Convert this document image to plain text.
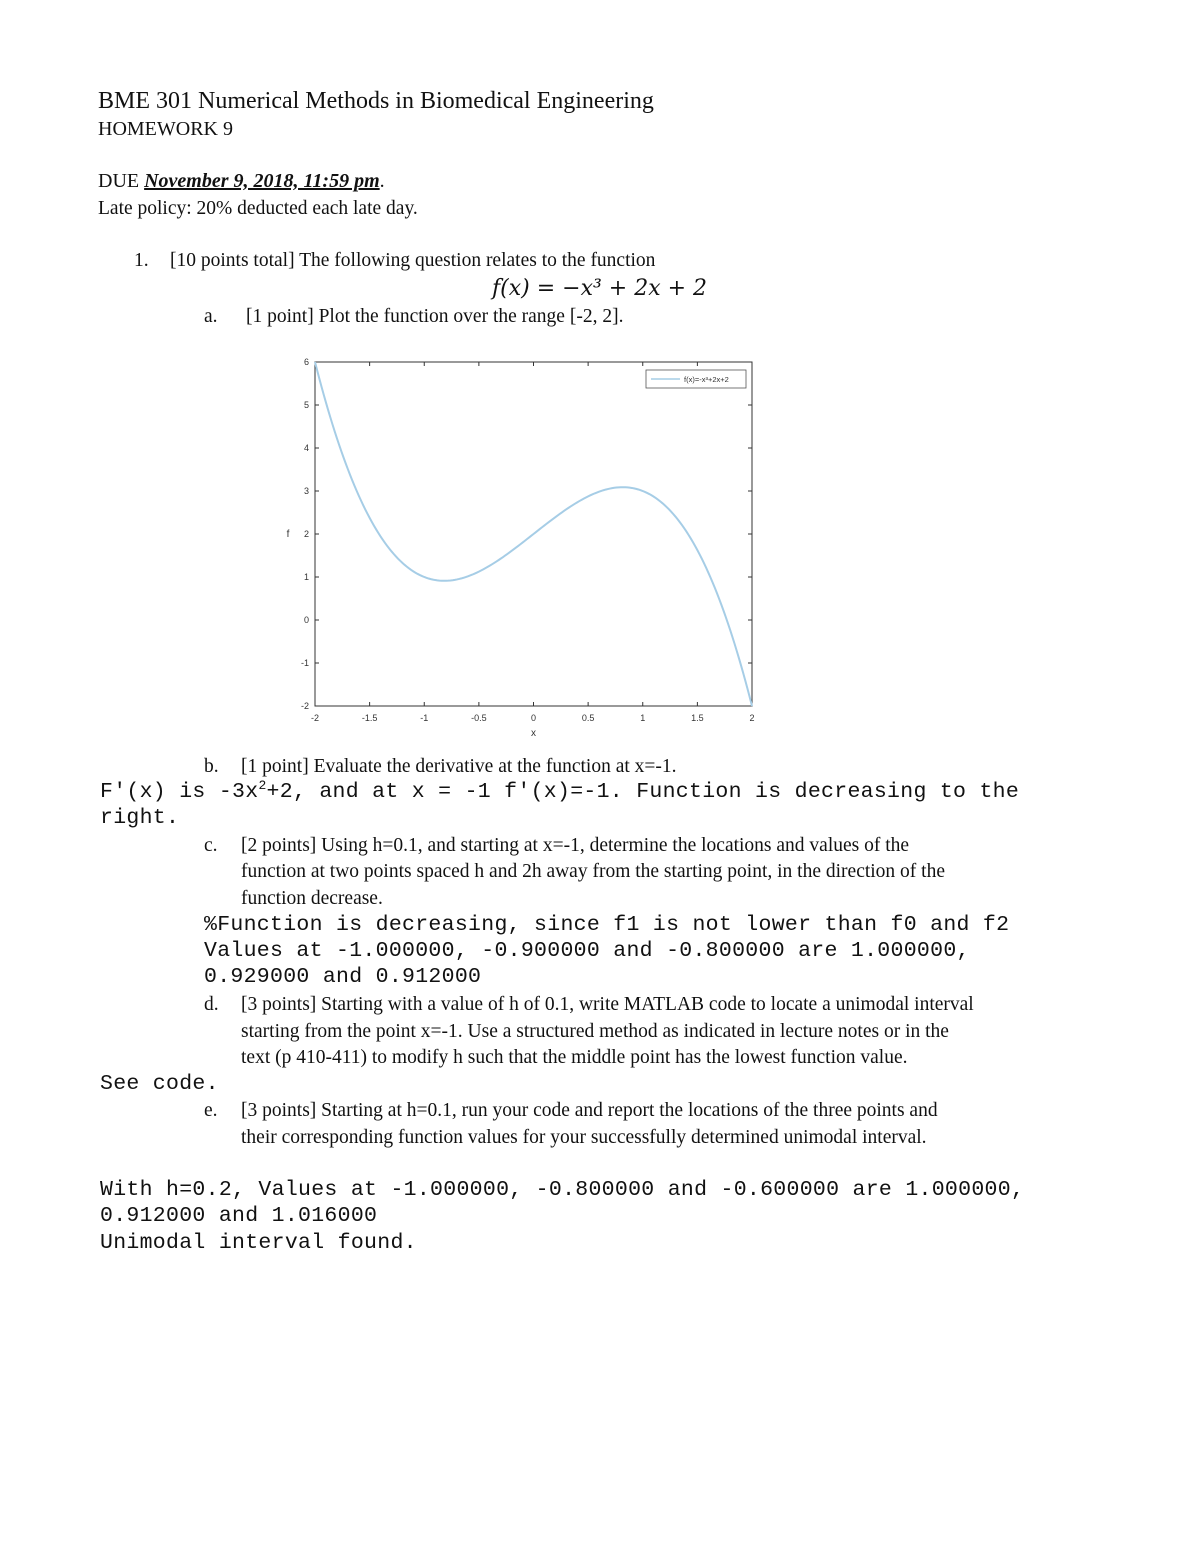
BME 301 Numerical Methods in Biomedical Engineering
HOMEWORK 9
DUE November 9, 2018, 11:59 pm.
Late policy: 20% deducted each late day.
1. [10 points total] The following question relates to the function
f(x) = −x³ + 2x + 2
a. [1 point] Plot the function over the range [-2, 2].
-2	-1.5	-1	-0.5	0	0.5	1	1.5	2
6
5
4
3
2
1
0
-1
-2
x
f
f(x)=-x³+2x+2
b. [1 point] Evaluate the derivative at the function at x=-1.
F′(x) is $-3x^2+2$, and at x = -1 f′(x)=-1. Function is decreasing to the
right.
c. [2 points] Using h=0.1, and starting at x=-1, determine the locations and values of the
function at two points spaced h and 2h away from the starting point, in the direction of the
function decrease.
%Function is decreasing, since f1 is not lower than f0 and f2
Values at -1.000000, -0.900000 and -0.800000 are 1.000000,
0.929000 and 0.912000
d. [3 points] Starting with a value of h of 0.1, write MATLAB code to locate a unimodal interval
starting from the point x=-1. Use a structured method as indicated in lecture notes or in the
text (p 410-411) to modify h such that the middle point has the lowest function value.
See code.
e. [3 points] Starting at h=0.1, run your code and report the locations of the three points and
their corresponding function values for your successfully determined unimodal interval.
With h=0.2, Values at -1.000000, -0.800000 and -0.600000 are 1.000000,
0.912000 and 1.016000
Unimodal interval found.
